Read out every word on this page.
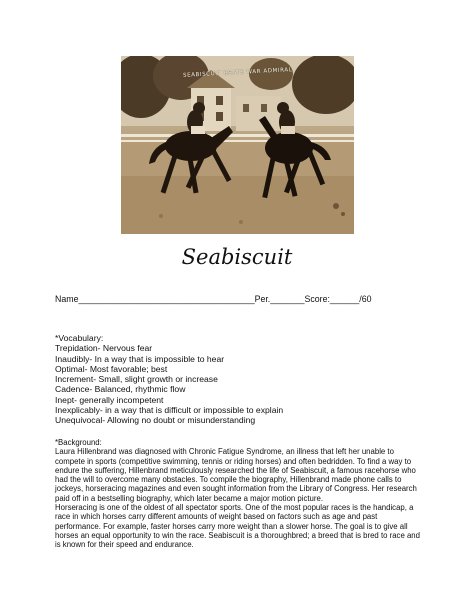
SEABISCUIT BEATS WAR ADMIRAL
Seabiscuit
Name____________________________________Per._______Score:______/60
*Vocabulary:
Trepidation- Nervous fear
Inaudibly- In a way that is impossible to hear
Optimal- Most favorable; best
Increment- Small, slight growth or increase
Cadence- Balanced, rhythmic flow
Inept- generally incompetent
Inexplicably- in a way that is difficult or impossible to explain
Unequivocal- Allowing no doubt or misunderstanding

*Background:

Laura Hillenbrand was diagnosed with Chronic Fatigue Syndrome, an illness that left her unable to compete in sports (competitive swimming, tennis or riding horses) and often bedridden. To find a way to endure the suffering, Hillenbrand meticulously researched the life of Seabiscuit, a famous racehorse who had the will to overcome many obstacles. To compile the biography, Hillenbrand made phone calls to jockeys, horseracing magazines and even sought information from the Library of Congress. Her research paid off in a bestselling biography, which later became a major motion picture.

Horseracing is one of the oldest of all spectator sports. One of the most popular races is the handicap, a race in which horses carry different amounts of weight based on factors such as age and past performance. For example, faster horses carry more weight than a slower horse. The goal is to give all horses an equal opportunity to win the race. Seabiscuit is a thoroughbred; a breed that is bred to race and is known for their speed and endurance.
